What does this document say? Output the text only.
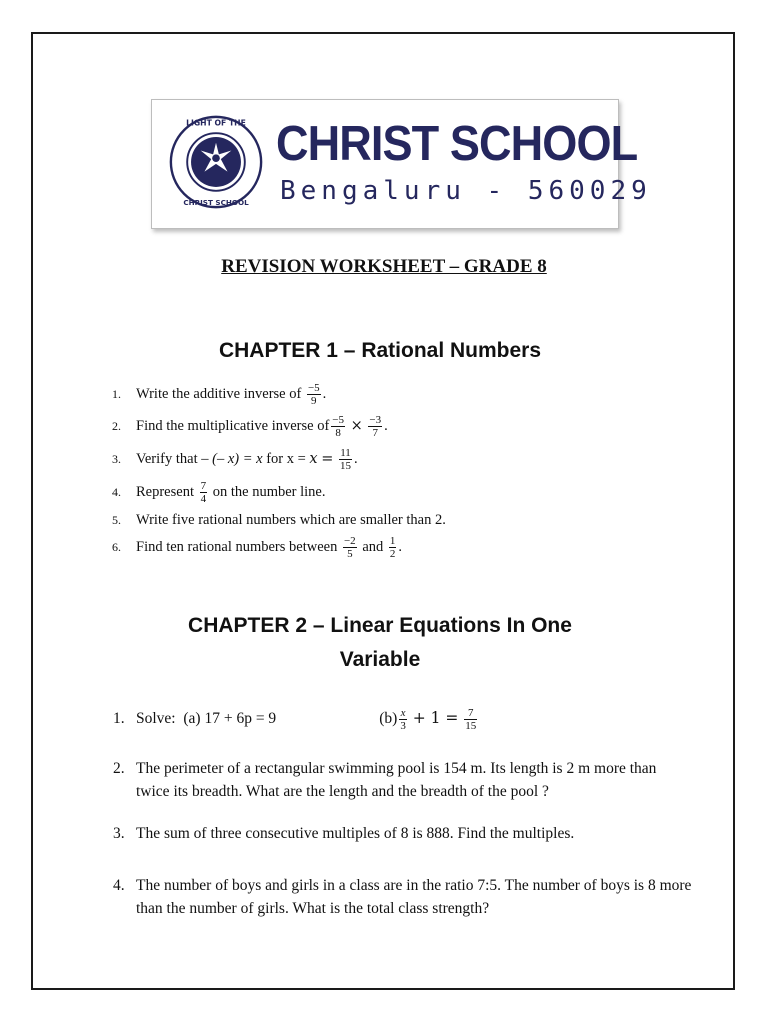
LIGHT OF THE
CHRIST SCHOOL
CHRIST SCHOOL
Bengaluru - 560029
REVISION WORKSHEET – GRADE 8
CHAPTER 1 – Rational Numbers
1. Write the additive inverse of $\frac{-5}{9}$ .
2. Find the multiplicative inverse of $\frac{-5}{8} \times \frac{-3}{7}$ .
3. Verify that – (– x) = x for $x = x = \frac{11}{15}$ .
4. Represent $\frac{7}{4}$ on the number line.
5. Write five rational numbers which are smaller than 2.
6. Find ten rational numbers between $\frac{-2}{5}$ and $\frac{1}{2}$ .
CHAPTER 2 – Linear Equations In One
Variable
1. Solve: (a) 17 + 6p = 9	$(b) \frac{x}{3} + 1 = \frac{7}{15}$
2. The perimeter of a rectangular swimming pool is 154 m. Its length is 2 m more than twice its breadth. What are the length and the breadth of the pool ?
3. The sum of three consecutive multiples of 8 is 888. Find the multiples.
4. The number of boys and girls in a class are in the ratio 7:5. The number of boys is 8 more than the number of girls. What is the total class strength?
